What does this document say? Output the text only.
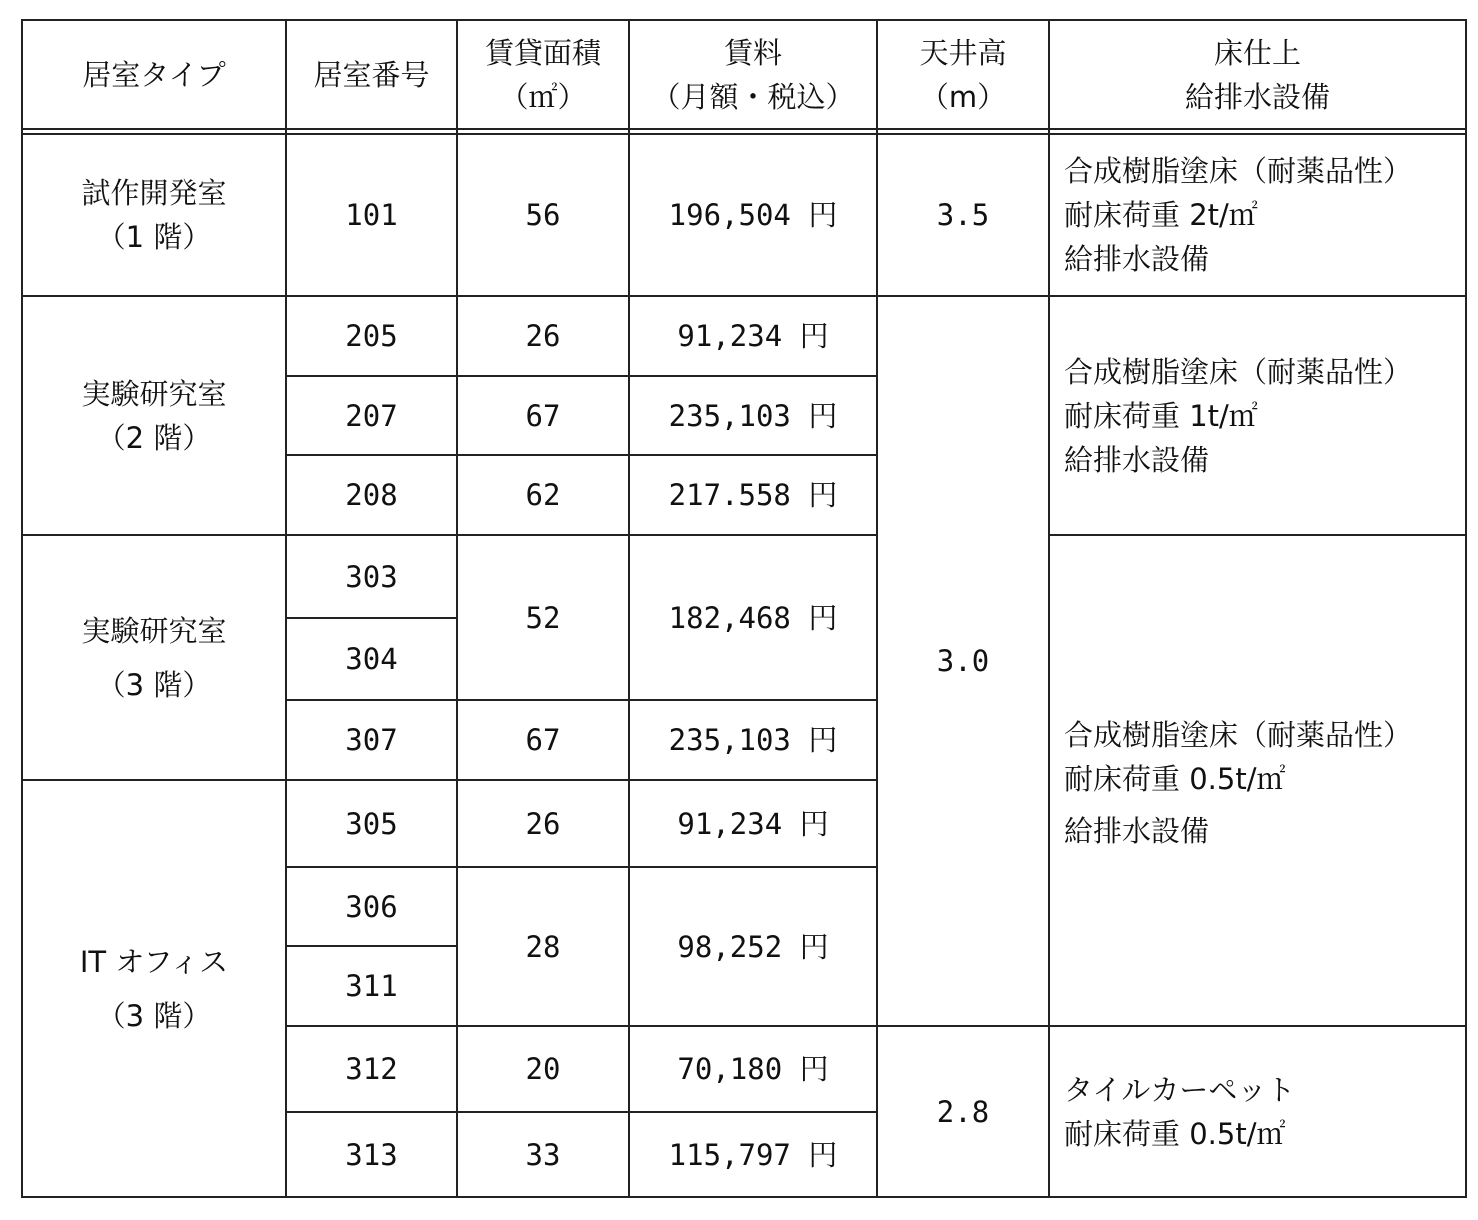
居室タイプ	居室番号
賃貸面積
（㎡）
賃料
（月額・税込）
天井高
（m）
床仕上
給排水設備
試作開発室
（1 階）
実験研究室
（2 階）
実験研究室
（3 階）
IT オフィス
（3 階）
101
205
207
208
303
304
307
305
306
311
312
313
56
26
67
62
52
67
26
28
20
33
196,504 円
91,234 円
235,103 円
217.558 円
182,468 円
235,103 円
91,234 円
98,252 円
70,180 円
115,797 円
3.5
3.0
2.8
合成樹脂塗床（耐薬品性）
耐床荷重 2t/㎡
給排水設備
合成樹脂塗床（耐薬品性）
耐床荷重 1t/㎡
給排水設備
合成樹脂塗床（耐薬品性）
耐床荷重 0.5t/㎡
給排水設備
タイルカーペット
耐床荷重 0.5t/㎡
